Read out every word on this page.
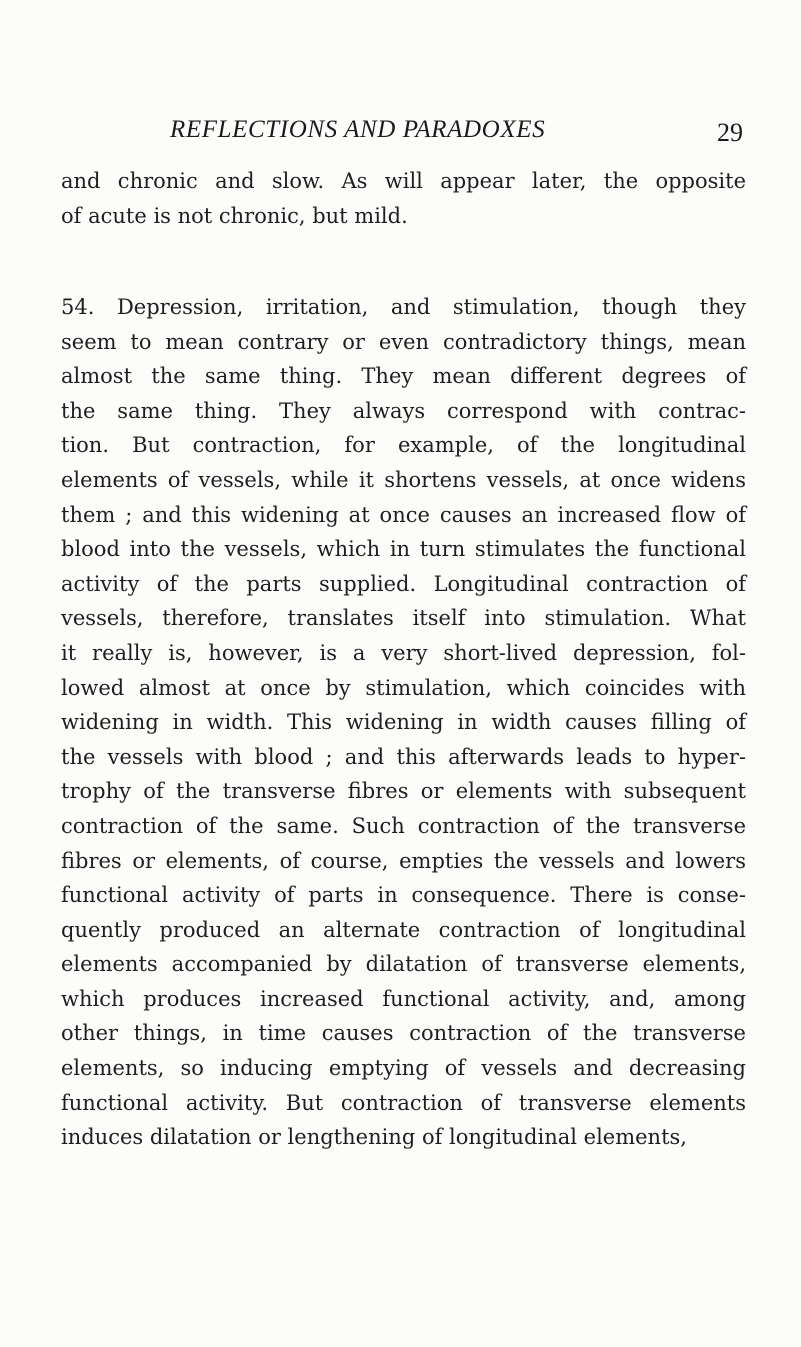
REFLECTIONS AND PARADOXES	29
and chronic and slow. As will appear later, the opposite
of acute is not chronic, but mild.
54. Depression, irritation, and stimulation, though they
seem to mean contrary or even contradictory things, mean
almost the same thing. They mean different degrees of
the same thing. They always correspond with contrac-
tion. But contraction, for example, of the longitudinal
elements of vessels, while it shortens vessels, at once widens
them ; and this widening at once causes an increased flow of
blood into the vessels, which in turn stimulates the functional
activity of the parts supplied. Longitudinal contraction of
vessels, therefore, translates itself into stimulation. What
it really is, however, is a very short-lived depression, fol-
lowed almost at once by stimulation, which coincides with
widening in width. This widening in width causes filling of
the vessels with blood ; and this afterwards leads to hyper-
trophy of the transverse fibres or elements with subsequent
contraction of the same. Such contraction of the transverse
fibres or elements, of course, empties the vessels and lowers
functional activity of parts in consequence. There is conse-
quently produced an alternate contraction of longitudinal
elements accompanied by dilatation of transverse elements,
which produces increased functional activity, and, among
other things, in time causes contraction of the transverse
elements, so inducing emptying of vessels and decreasing
functional activity. But contraction of transverse elements
induces dilatation or lengthening of longitudinal elements,
